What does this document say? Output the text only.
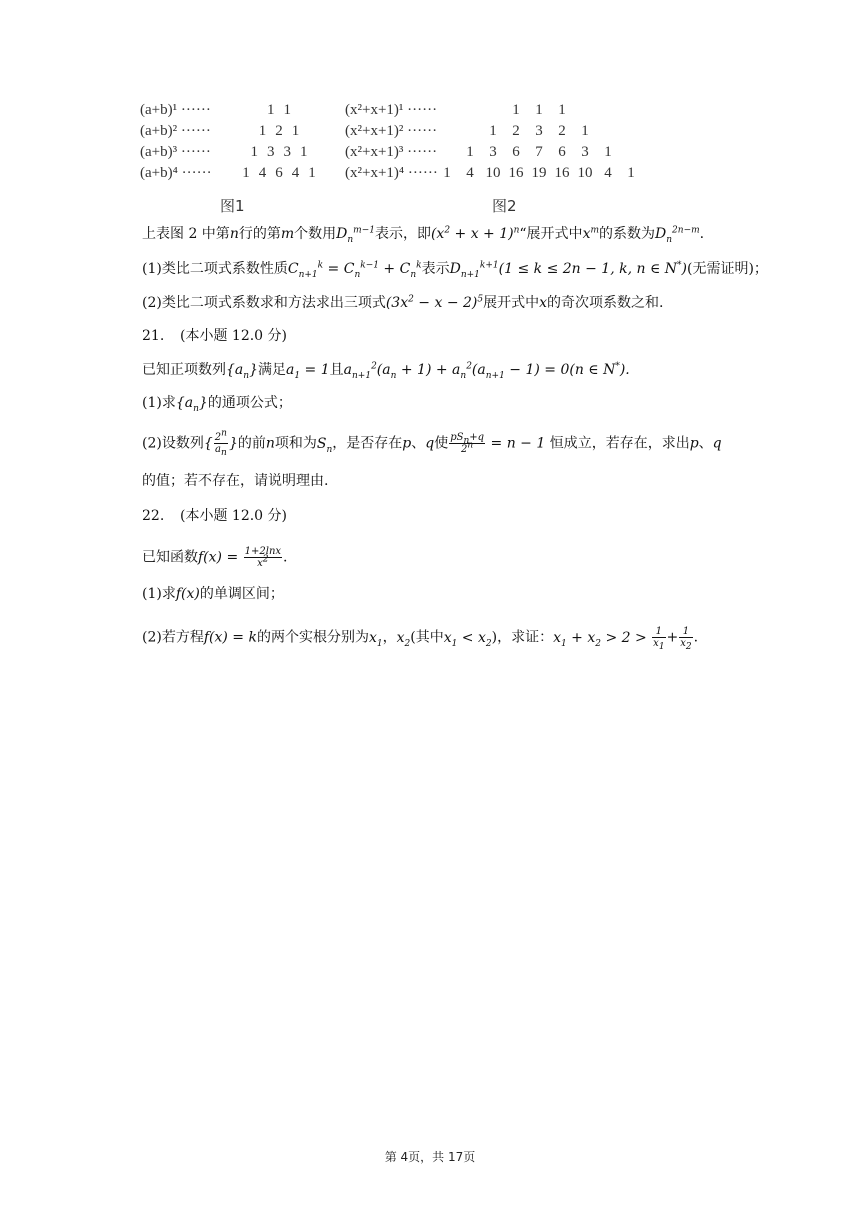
(a+b)¹ ······	1 1
(a+b)² ······	1 2 1
(a+b)³ ······	1 3 3 1
(a+b)⁴ ······ 1 4 6 4 1
图1
(x²+x+1)¹ ······	1 1 1
(x²+x+1)² ······	1 2 3 2 1
(x²+x+1)³ ······ 1 3 6 7 6 3 1
(x²+x+1)⁴ ······ 1 4 10 16 19 16 10 4 1
图2
上表图 2 中第n行的第m个数用$D_n^{m-1}$表示，即($x^2 + x$ + $1)^n“$展开式中$x^m$的系数为$D_n^{2n-m}$.
(1)类比二项式系数性质$C_{n+1}^k = C_n^{k-1} + C_n^k$表示$D_{n+1}^{k+1}(1 \le k \le 2n - 1$, k, n ∈ N*)(无需证明)；
(2)类比二项式系数求和方法求出三项式$(3x^2 - x - 2)^5$展开式中x的奇次项系数之和.
21. (本小题 12.0 分)
已知正项数列$\{a_n\}$满足$a_1 = 1$且$a_{n+1}^2(a_n + 1) + a_n^2(a_{n+1} - 1) = 0(n$ ∈ N*).
(1)求$\{a_n\}$的通项公式；
(2)设数列{ $\frac{2^n}{a_n}$ }的前n项和为$S_n$，是否存在p、q使 $\frac{pS_n+q}{2^n} = n - 1$ 恒成立，若存在，求出p、q
的值；若不存在，请说明理由.
22. (本小题 12.0 分)
已知函数$f(x) = \frac{1+2\ln x}{x^2}$ .
(1)求f(x)的单调区间；
(2)若方程f(x) = k的两个实根分别为$x_1$，$x_2$(其中$x_1 < x_2$)，求证：$x_1 + x_2 > 2 > \frac{1}{x_1} + \frac{1}{x_2}$ .
第 4页，共 17页
